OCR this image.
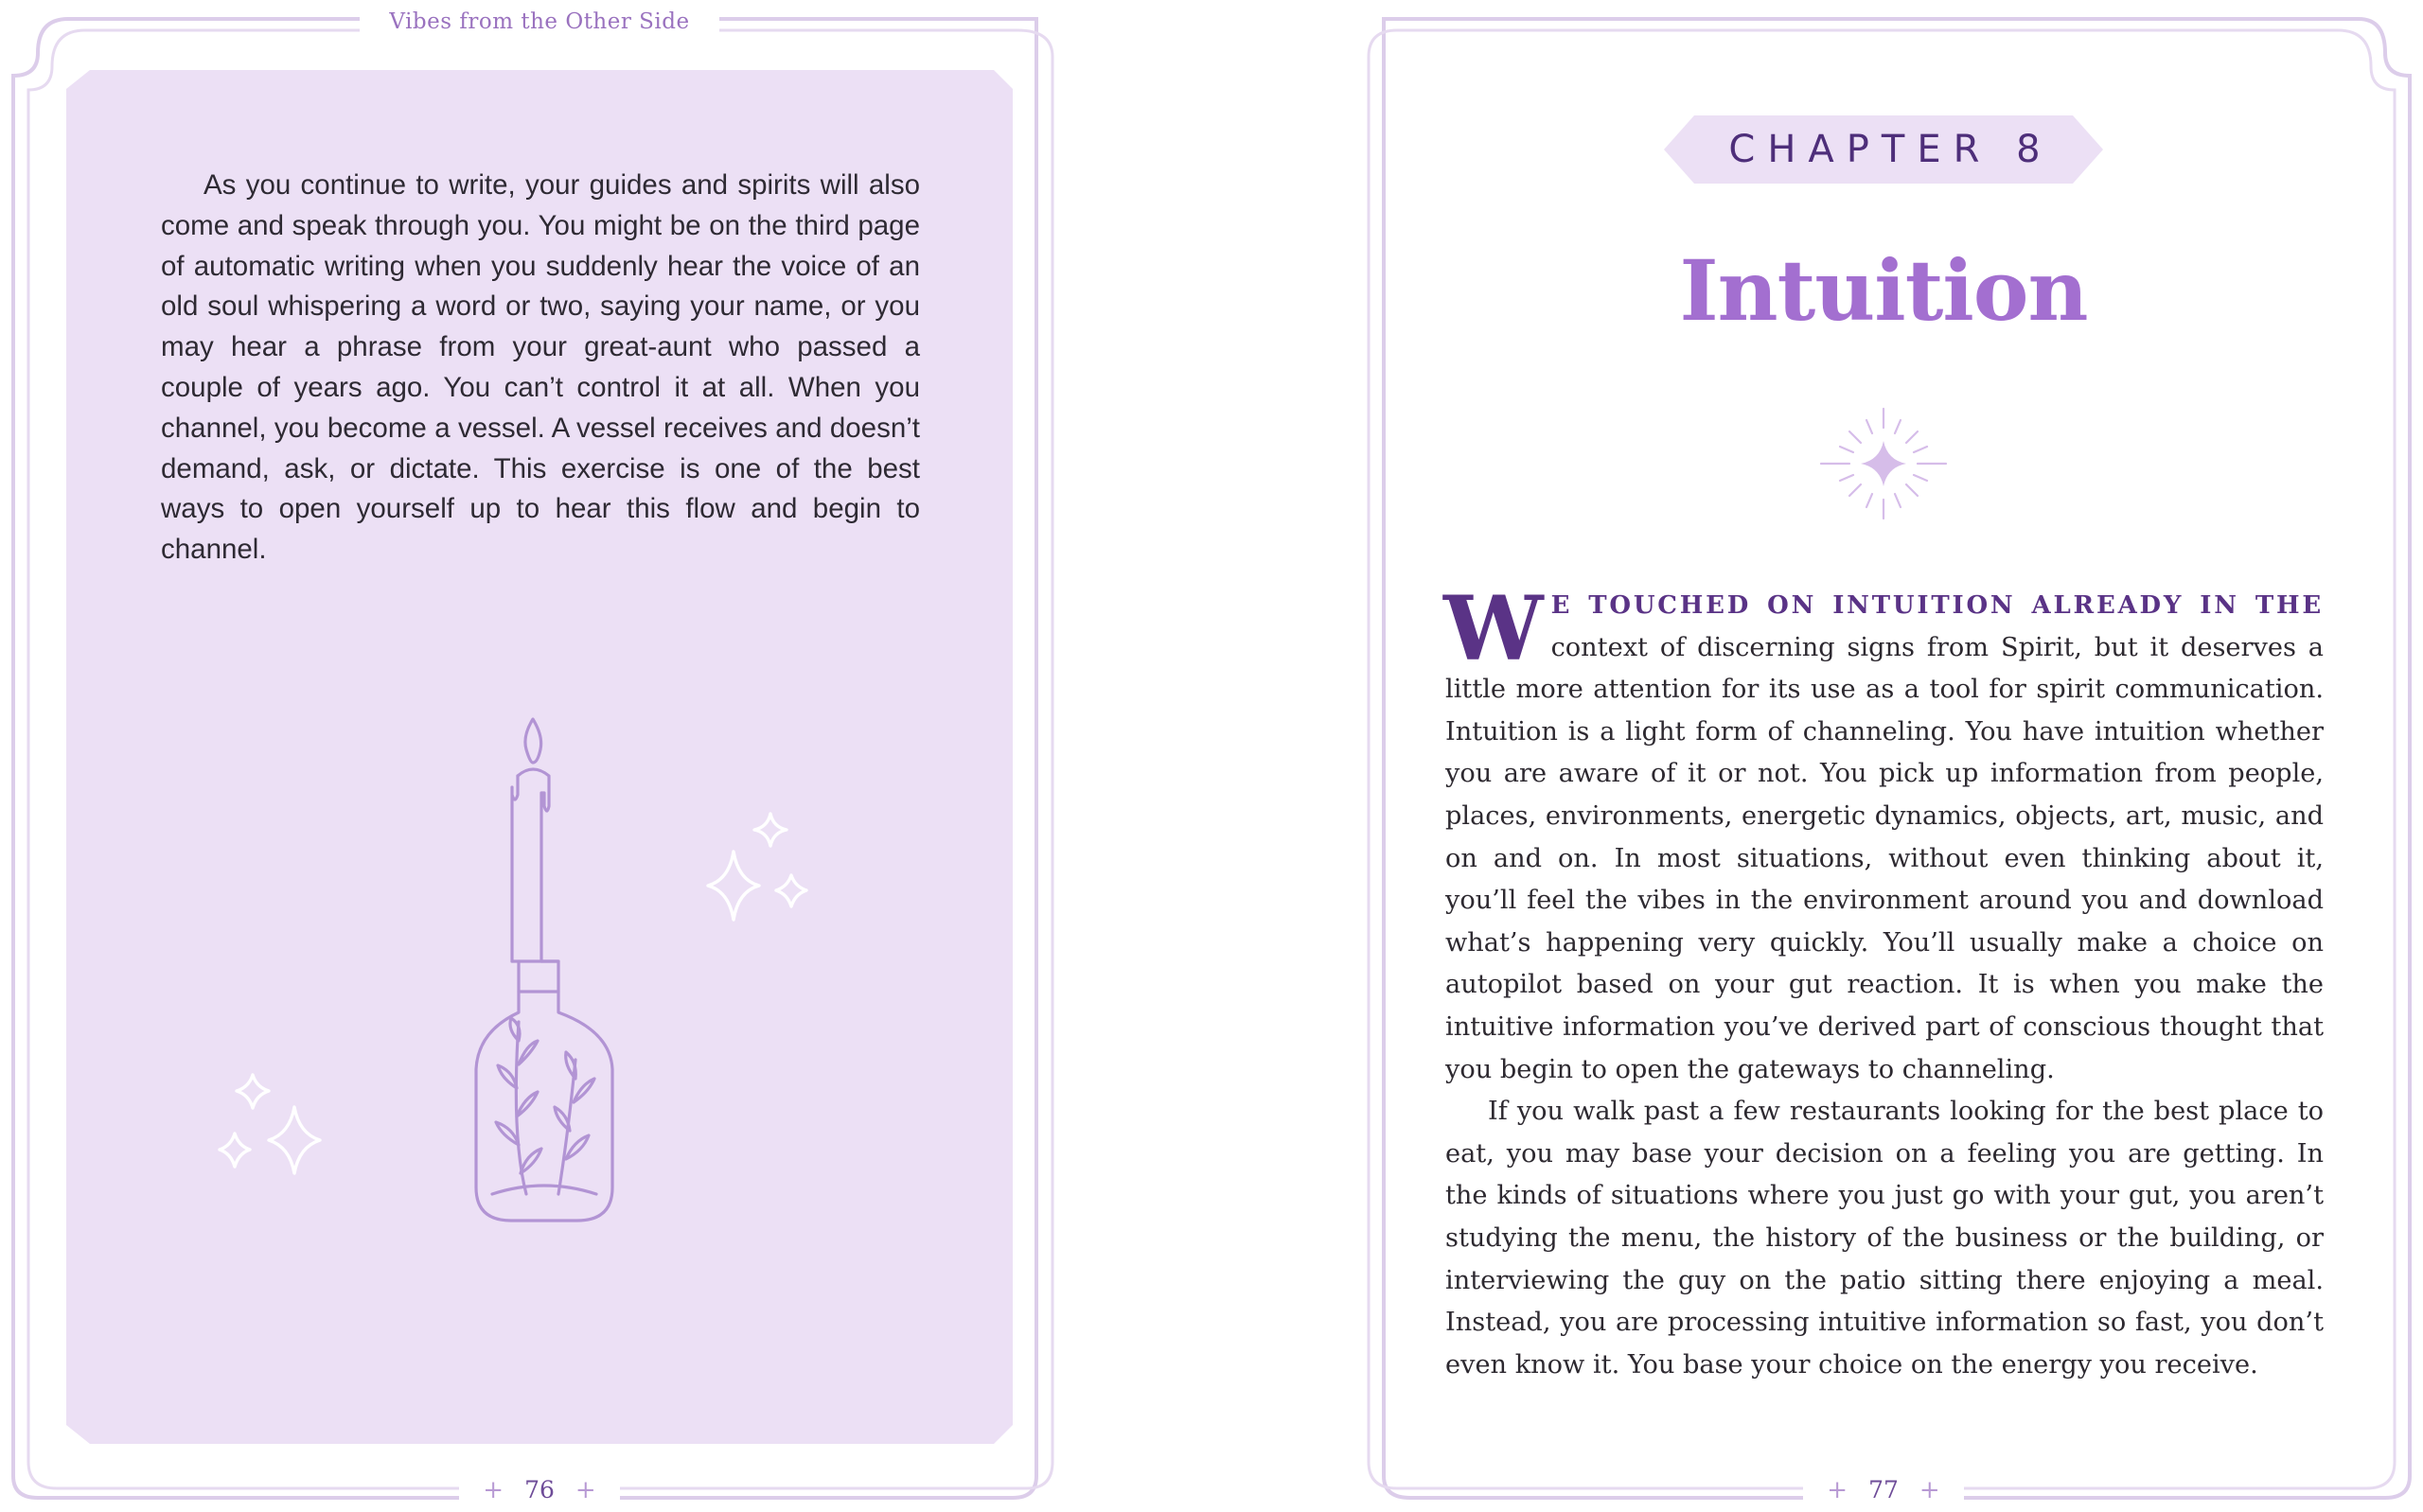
Vibes from the Other Side

As you continue to write, your guides and spirits will also come and speak through you. You might be on the third page of automatic writing when you suddenly hear the voice of an old soul whispering a word or two, saying your name, or you may hear a phrase from your great-aunt who passed a couple of years ago. You can’t control it at all. When you channel, you become a vessel. A vessel receives and doesn’t demand, ask, or dictate. This exercise is one of the best ways to open yourself up to hear this flow and begin to channel.

+ 76 +
CHAPTER 8
Intuition

W E TOUCHED ON INTUITION ALREADY IN THE context of discerning signs from Spirit, but it deserves a little more attention for its use as a tool for spirit communication. Intuition is a light form of channeling. You have intuition whether you are aware of it or not. You pick up information from people, places, environments, energetic dynamics, objects, art, music, and on and on. In most situations, without even thinking about it, you’ll feel the vibes in the environment around you and download what’s happening very quickly. You’ll usually make a choice on autopilot based on your gut reaction. It is when you make the intuitive information you’ve derived part of conscious thought that you begin to open the gateways to channeling.

If you walk past a few restaurants looking for the best place to eat, you may base your decision on a feeling you are getting. In the kinds of situations where you just go with your gut, you aren’t studying the menu, the history of the business or the building, or interviewing the guy on the patio sitting there enjoying a meal. Instead, you are processing intuitive information so fast, you don’t even know it. You base your choice on the energy you receive.

+ 77 +
